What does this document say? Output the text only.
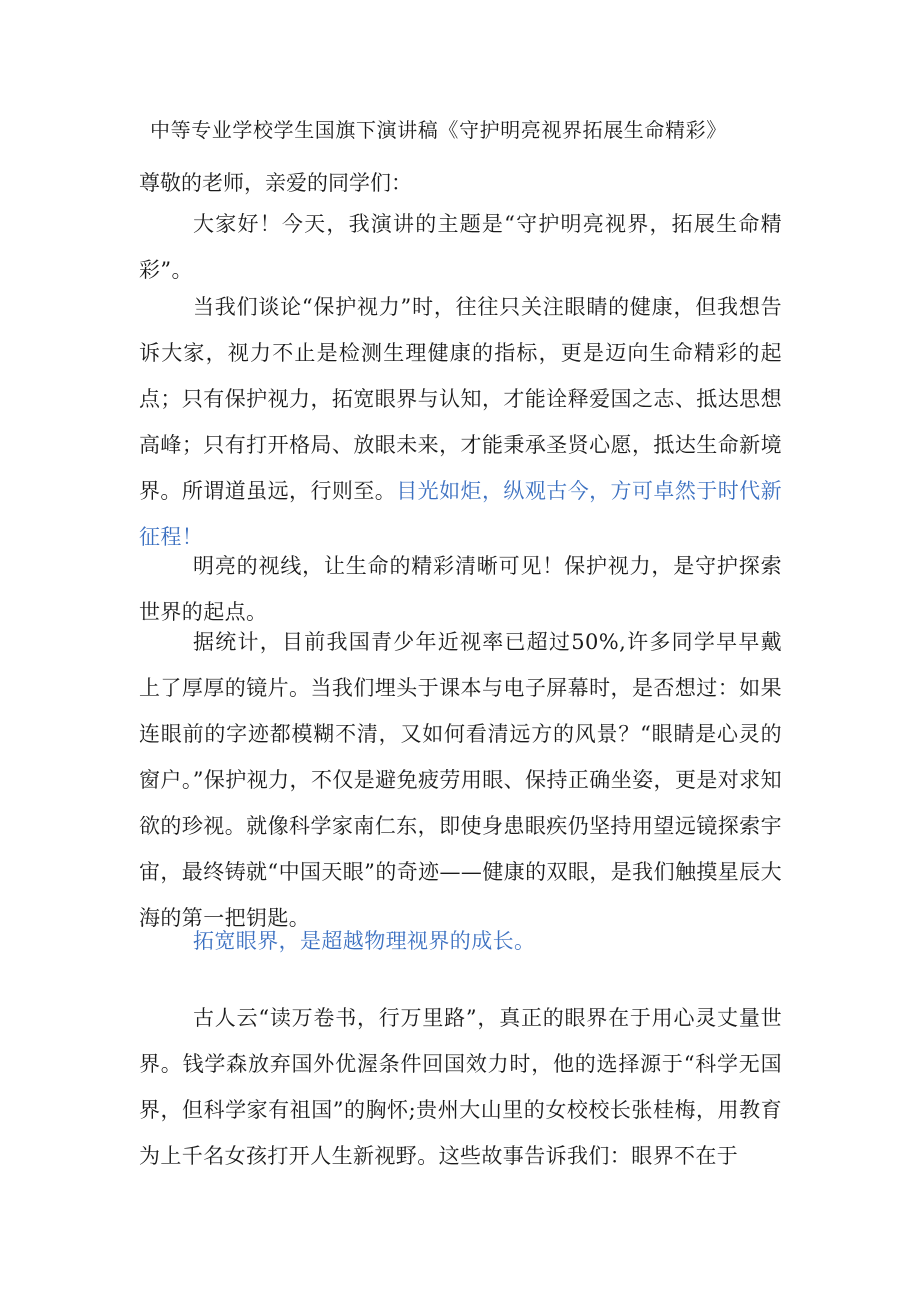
中等专业学校学生国旗下演讲稿《守护明亮视界拓展生命精彩》
尊敬的老师，亲爱的同学们：

大家好！今天，我演讲的主题是“守护明亮视界，拓展生命精彩”。

当我们谈论“保护视力”时，往往只关注眼睛的健康，但我想告诉大家，视力不止是检测生理健康的指标，更是迈向生命精彩的起点；只有保护视力，拓宽眼界与认知，才能诠释爱国之志、抵达思想高峰；只有打开格局、放眼未来，才能秉承圣贤心愿，抵达生命新境界。所谓道虽远，行则至。目光如炬，纵观古今，方可卓然于时代新征程！

明亮的视线，让生命的精彩清晰可见！保护视力，是守护探索世界的起点。

据统计，目前我国青少年近视率已超过50%,许多同学早早戴上了厚厚的镜片。当我们埋头于课本与电子屏幕时，是否想过：如果连眼前的字迹都模糊不清，又如何看清远方的风景？“眼睛是心灵的窗户。”保护视力，不仅是避免疲劳用眼、保持正确坐姿，更是对求知欲的珍视。就像科学家南仁东，即使身患眼疾仍坚持用望远镜探索宇宙，最终铸就“中国天眼”的奇迹——健康的双眼，是我们触摸星辰大海的第一把钥匙。

拓宽眼界，是超越物理视界的成长。

古人云“读万卷书，行万里路”，真正的眼界在于用心灵丈量世界。钱学森放弃国外优渥条件回国效力时，他的选择源于“科学无国界，但科学家有祖国”的胸怀;贵州大山里的女校校长张桂梅，用教育为上千名女孩打开人生新视野。这些故事告诉我们：眼界不在于
